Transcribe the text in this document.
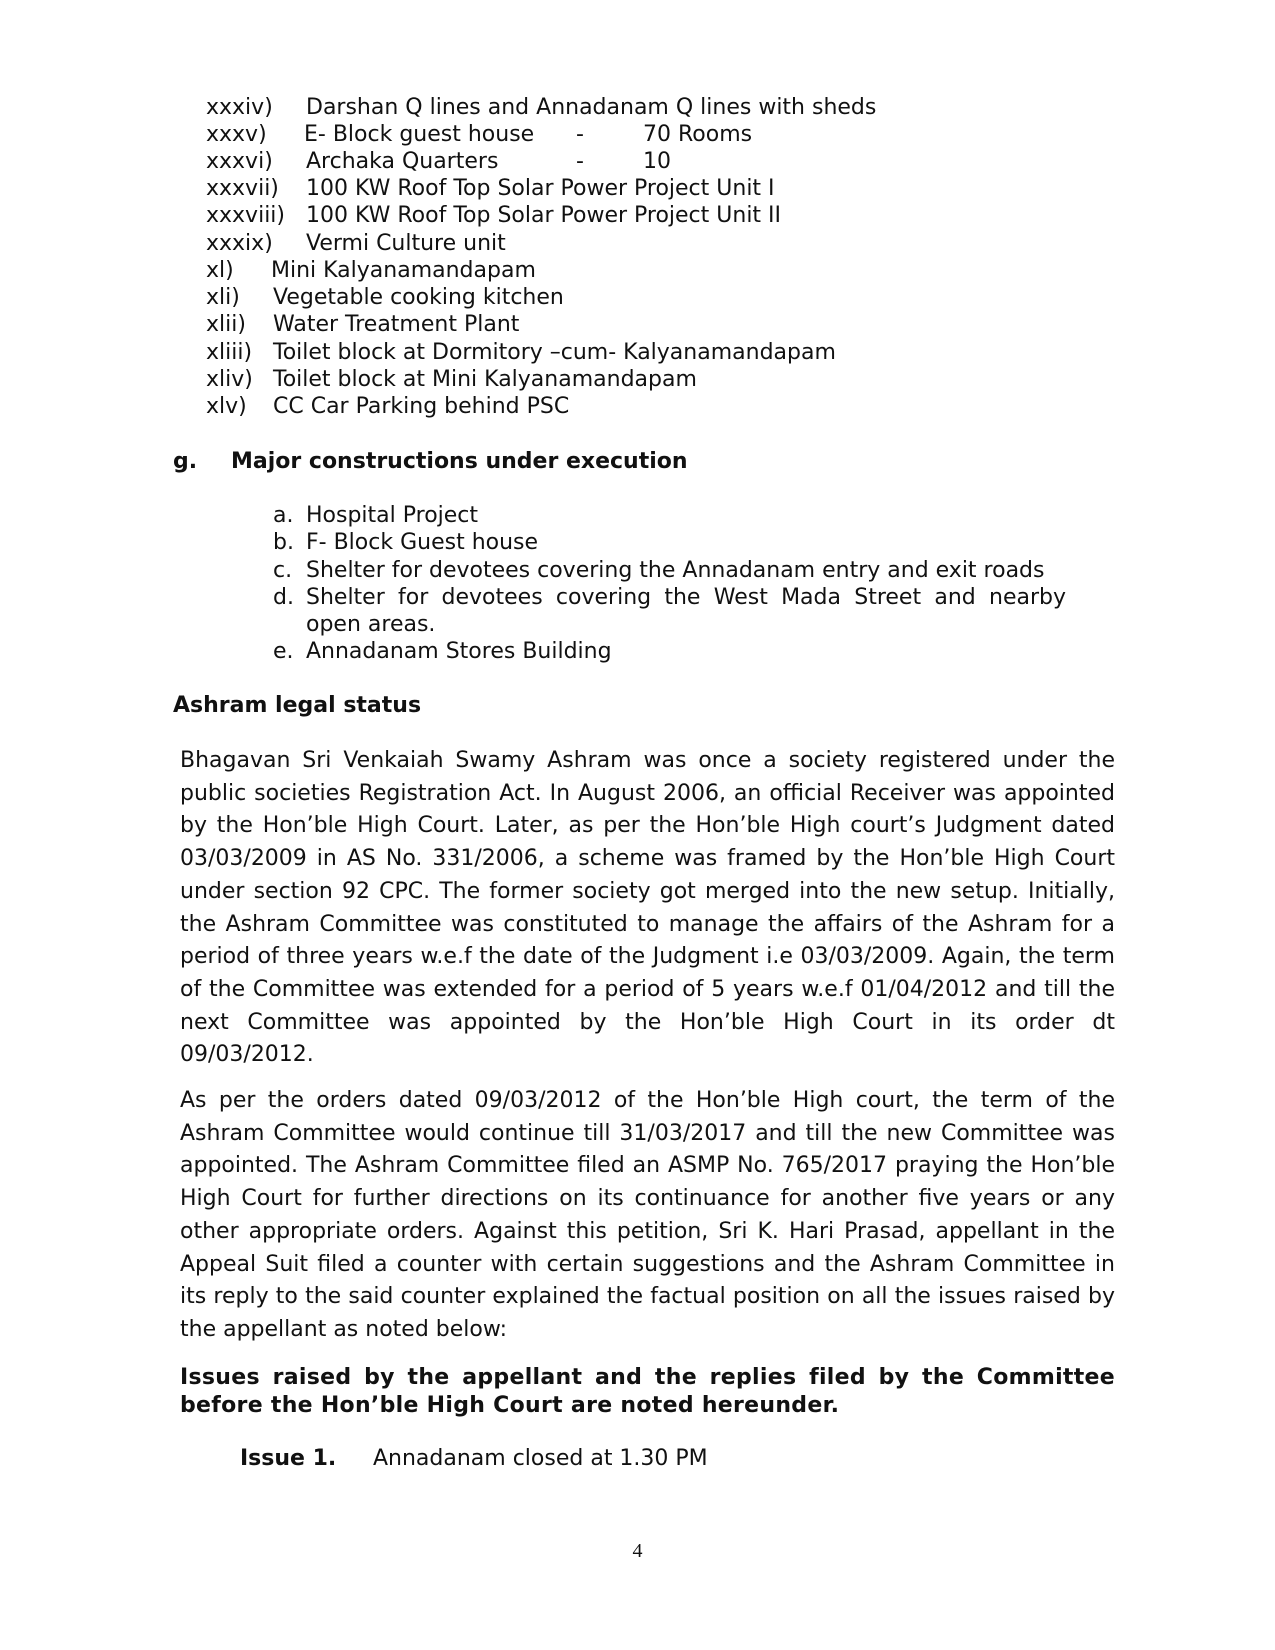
xxxiv) Darshan Q lines and Annadanam Q lines with sheds
xxxv) E- Block guest house -	70 Rooms
xxxvi) Archaka Quarters	-	10
xxxvii) 100 KW Roof Top Solar Power Project Unit I
xxxviii) 100 KW Roof Top Solar Power Project Unit II
xxxix) Vermi Culture unit
xl) Mini Kalyanamandapam
xli) Vegetable cooking kitchen
xlii) Water Treatment Plant
xliii) Toilet block at Dormitory –cum- Kalyanamandapam
xliv) Toilet block at Mini Kalyanamandapam
xlv) CC Car Parking behind PSC
g. Major constructions under execution
a. Hospital Project
b. F- Block Guest house
c. Shelter for devotees covering the Annadanam entry and exit roads
d. Shelter for devotees covering the West Mada Street and nearby
open areas.
e. Annadanam Stores Building
Ashram legal status

Bhagavan Sri Venkaiah Swamy Ashram was once a society registered under the public societies Registration Act. In August 2006, an official Receiver was appointed by the Hon’ble High Court. Later, as per the Hon’ble High court’s Judgment dated 03/03/2009 in AS No. 331/2006, a scheme was framed by the Hon’ble High Court under section 92 CPC. The former society got merged into the new setup. Initially, the Ashram Committee was constituted to manage the affairs of the Ashram for a period of three years w.e.f the date of the Judgment i.e 03/03/2009. Again, the term of the Committee was extended for a period of 5 years w.e.f 01/04/2012 and till the next Committee was appointed by the Hon’ble High Court in its order dt 09/03/2012.

As per the orders dated 09/03/2012 of the Hon’ble High court, the term of the Ashram Committee would continue till 31/03/2017 and till the new Committee was appointed. The Ashram Committee filed an ASMP No. 765/2017 praying the Hon’ble High Court for further directions on its continuance for another five years or any other appropriate orders. Against this petition, Sri K. Hari Prasad, appellant in the Appeal Suit filed a counter with certain suggestions and the Ashram Committee in its reply to the said counter explained the factual position on all the issues raised by the appellant as noted below:

Issues raised by the appellant and the replies filed by the Committee before the Hon’ble High Court are noted hereunder.

Issue 1. Annadanam closed at 1.30 PM
4
